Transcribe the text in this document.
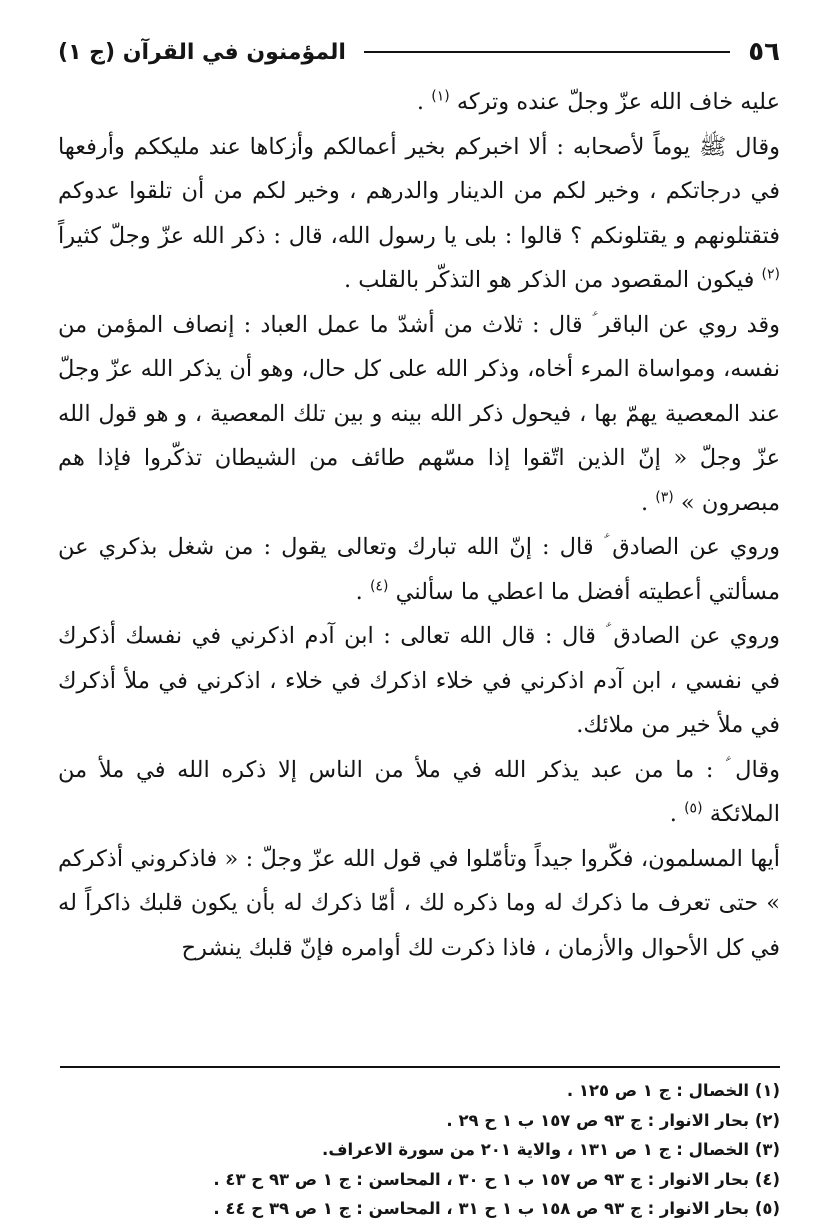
٥٦
المؤمنون في القرآن (ج ١)

عليه خاف الله عزّ وجلّ عنده وتركه $^{(١)}$ .

وقال ﷺ يوماً لأصحابه : ألا اخبركم بخير أعمالكم وأزكاها عند مليككم وأرفعها في درجاتكم ، وخير لكم من الدينار والدرهم ، وخير لكم من أن تلقوا عدوكم فتقتلونهم و يقتلونكم ؟ قالوا : بلى يا رسول الله، قال : ذكر الله عزّ وجلّ كثيراً $^{(٢)}$ فيكون المقصود من الذكر هو التذكّر بالقلب .

وقد روي عن الباقر ؑ قال : ثلاث من أشدّ ما عمل العباد : إنصاف المؤمن من نفسه، ومواساة المرء أخاه، وذكر الله على كل حال، وهو أن يذكر الله عزّ وجلّ عند المعصية يهمّ بها ، فيحول ذكر الله بينه و بين تلك المعصية ، و هو قول الله عزّ وجلّ « إنّ الذين اتّقوا إذا مسّهم طائف من الشيطان تذكّروا فإذا هم مبصرون » $^{(٣)}$ .

وروي عن الصادق ؑ قال : إنّ الله تبارك وتعالى يقول : من شغل بذكري عن مسألتي أعطيته أفضل ما اعطي ما سألني $^{(٤)}$ .

وروي عن الصادق ؑ قال : قال الله تعالى : ابن آدم اذكرني في نفسك أذكرك في نفسي ، ابن آدم اذكرني في خلاء اذكرك في خلاء ، اذكرني في ملأ أذكرك في ملأ خير من ملائك.

وقال ؑ : ما من عبد يذكر الله في ملأ من الناس إلا ذكره الله في ملأ من الملائكة $^{(٥)}$ .

أيها المسلمون، فكّروا جيداً وتأمّلوا في قول الله عزّ وجلّ : « فاذكروني أذكركم » حتى تعرف ما ذكرك له وما ذكره لك ، أمّا ذكرك له بأن يكون قلبك ذاكراً له في كل الأحوال والأزمان ، فاذا ذكرت لك أوامره فإنّ قلبك ينشرح

(١) الخصال : ج ١ ص ١٢٥ .
(٢) بحار الانوار : ج ٩٣ ص ١٥٧ ب ١ ح ٢٩ .
(٣) الخصال : ج ١ ص ١٣١ ، والاية ٢٠١ من سورة الاعراف.
(٤) بحار الانوار : ج ٩٣ ص ١٥٧ ب ١ ح ٣٠ ، المحاسن : ج ١ ص ٩٣ ح ٤٣ .
(٥) بحار الانوار : ج ٩٣ ص ١٥٨ ب ١ ح ٣١ ، المحاسن : ج ١ ص ٣٩ ح ٤٤ .
